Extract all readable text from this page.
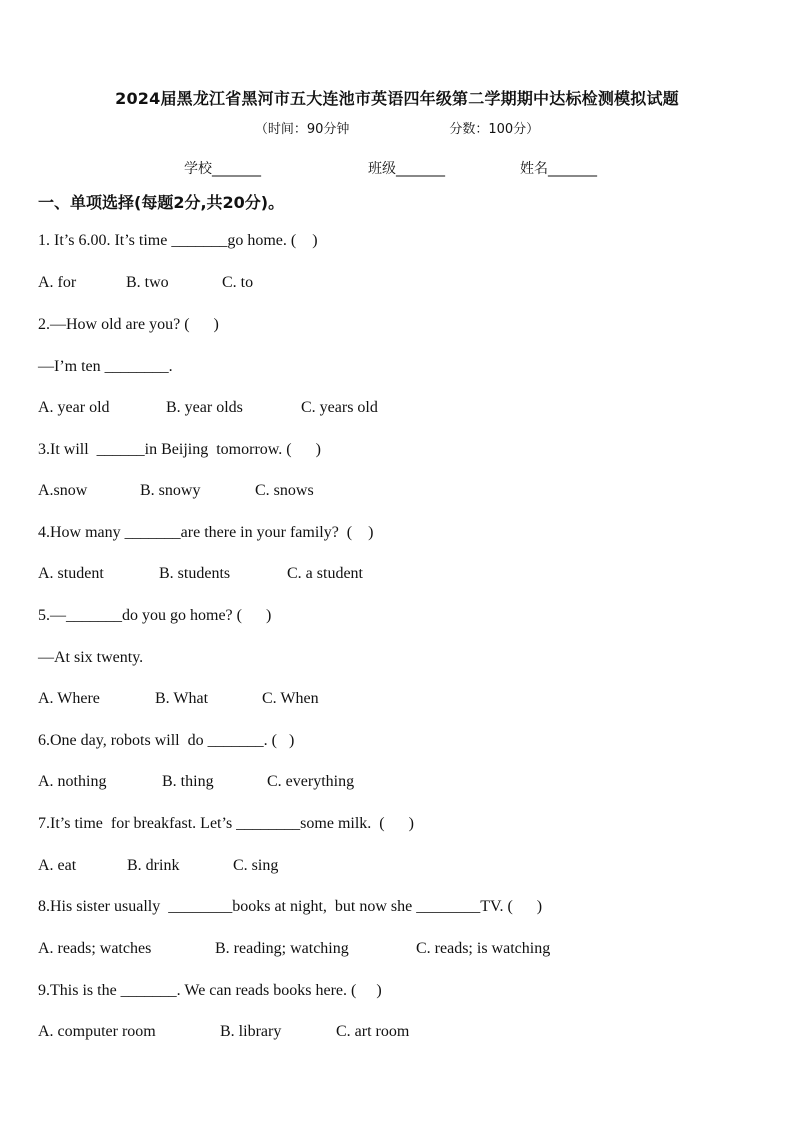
2024届黑龙江省黑河市五大连池市英语四年级第二学期期中达标检测模拟试题
（时间：90分钟	分数：100分）
学校_______	班级_______	姓名_______
一、单项选择(每题2分,共20分)。
1. It’s 6.00. It’s time _______go home. (    )
A. for	B. two	C. to
2.—How old are you? (      )
—I’m ten ________.
A. year old	B. year olds	C. years old
3.It will  ______in Beijing  tomorrow. (      )
A.snow	B. snowy	C. snows
4.How many _______are there in your family?  (    )
A. student	B. students	C. a student
5.—_______do you go home? (      )
—At six twenty.
A. Where	B. What	C. When
6.One day, robots will  do _______. (   )
A. nothing	B. thing	C. everything
7.It’s time  for breakfast. Let’s ________some milk.  (      )
A. eat	B. drink	C. sing
8.His sister usually  ________books at night,  but now she ________TV. (      )
A. reads; watches	B. reading; watching	C. reads; is watching
9.This is the _______. We can reads books here. (     )
A. computer room	B. library	C. art room
